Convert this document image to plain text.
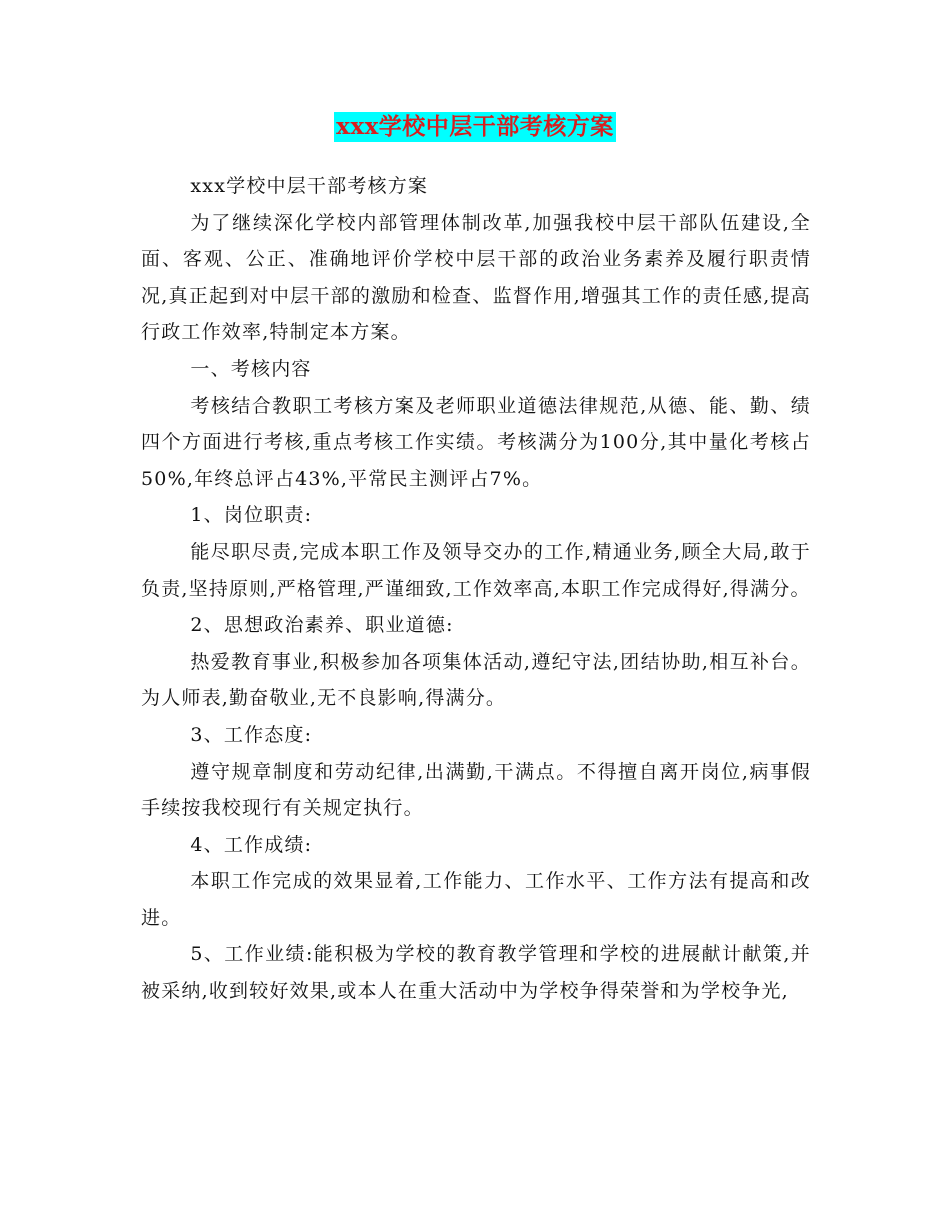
xxx学校中层干部考核方案

xxx学校中层干部考核方案

为了继续深化学校内部管理体制改革,加强我校中层干部队伍建设,全面、客观、公正、准确地评价学校中层干部的政治业务素养及履行职责情况,真正起到对中层干部的激励和检查、监督作用,增强其工作的责任感,提高行政工作效率,特制定本方案。

一、考核内容

考核结合教职工考核方案及老师职业道德法律规范,从德、能、勤、绩四个方面进行考核,重点考核工作实绩。考核满分为100分,其中量化考核占50%,年终总评占43%,平常民主测评占7%。

1、岗位职责:

能尽职尽责,完成本职工作及领导交办的工作,精通业务,顾全大局,敢于负责,坚持原则,严格管理,严谨细致,工作效率高,本职工作完成得好,得满分。

2、思想政治素养、职业道德:

热爱教育事业,积极参加各项集体活动,遵纪守法,团结协助,相互补台。为人师表,勤奋敬业,无不良影响,得满分。

3、工作态度:

遵守规章制度和劳动纪律,出满勤,干满点。不得擅自离开岗位,病事假手续按我校现行有关规定执行。

4、工作成绩:

本职工作完成的效果显着,工作能力、工作水平、工作方法有提高和改进。

5、工作业绩:能积极为学校的教育教学管理和学校的进展献计献策,并被采纳,收到较好效果,或本人在重大活动中为学校争得荣誉和为学校争光,
